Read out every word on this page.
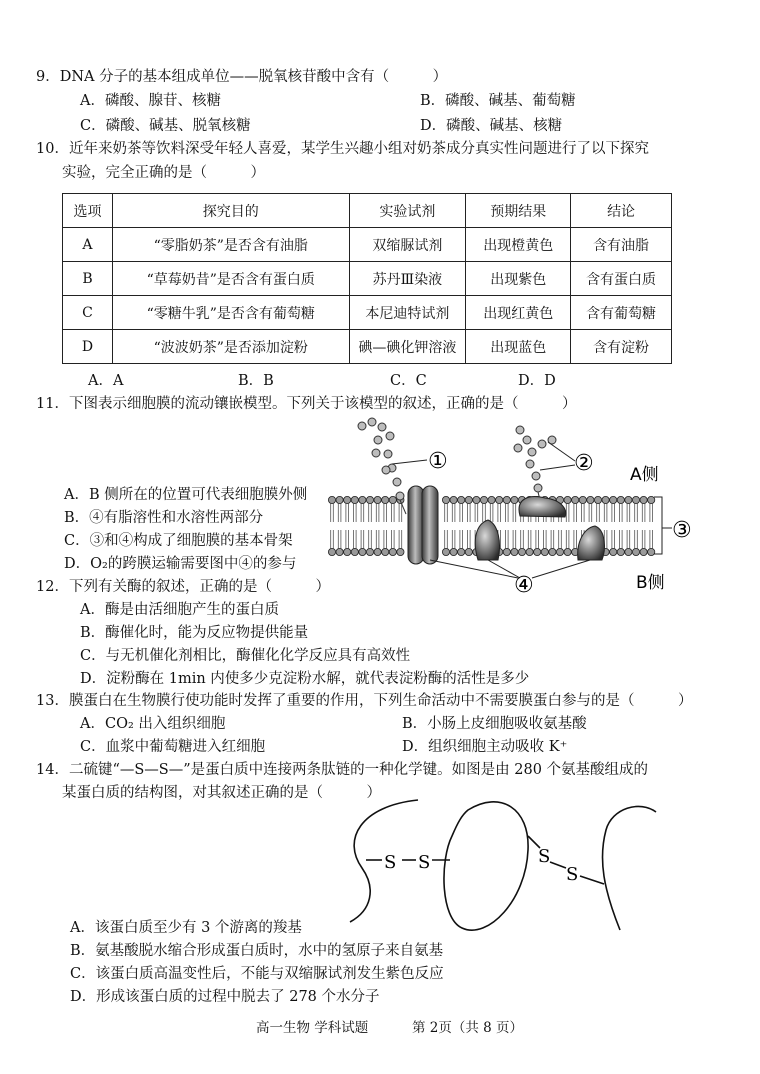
9．DNA 分子的基本组成单位——脱氧核苷酸中含有（　　　）
A．磷酸、腺苷、核糖	B．磷酸、碱基、葡萄糖
C．磷酸、碱基、脱氧核糖	D．磷酸、碱基、核糖
10．近年来奶茶等饮料深受年轻人喜爱，某学生兴趣小组对奶茶成分真实性问题进行了以下探究
实验，完全正确的是（　　　）
选项	探究目的	实验试剂	预期结果	结论
A	“零脂奶茶”是否含有油脂	双缩脲试剂	出现橙黄色	含有油脂
B	“草莓奶昔”是否含有蛋白质	苏丹Ⅲ染液	出现紫色	含有蛋白质
C	“零糖牛乳”是否含有葡萄糖	本尼迪特试剂	出现红黄色	含有葡萄糖
D	“波波奶茶”是否添加淀粉	碘—碘化钾溶液	出现蓝色	含有淀粉
A．A	B．B	C．C	D．D
11．下图表示细胞膜的流动镶嵌模型。下列关于该模型的叙述，正确的是（　　　）
A．B 侧所在的位置可代表细胞膜外侧
B．④有脂溶性和水溶性两部分
C．③和④构成了细胞膜的基本骨架
D．O₂的跨膜运输需要图中④的参与
①	②
③
④
A侧
B侧
12．下列有关酶的叙述，正确的是（　　　）
A．酶是由活细胞产生的蛋白质
B．酶催化时，能为反应物提供能量
C．与无机催化剂相比，酶催化化学反应具有高效性
D．淀粉酶在 1min 内使多少克淀粉水解，就代表淀粉酶的活性是多少
13．膜蛋白在生物膜行使功能时发挥了重要的作用，下列生命活动中不需要膜蛋白参与的是（　　　）
A．CO₂ 出入组织细胞	B．小肠上皮细胞吸收氨基酸
C．血浆中葡萄糖进入红细胞	D．组织细胞主动吸收 K⁺
14．二硫键“—S—S—”是蛋白质中连接两条肽链的一种化学键。如图是由 280 个氨基酸组成的
某蛋白质的结构图，对其叙述正确的是（　　　）
S S	S
S
A．该蛋白质至少有 3 个游离的羧基
B．氨基酸脱水缩合形成蛋白质时，水中的氢原子来自氨基
C．该蛋白质高温变性后，不能与双缩脲试剂发生紫色反应
D．形成该蛋白质的过程中脱去了 278 个水分子
高一生物 学科试题	第 2页（共 8 页）
